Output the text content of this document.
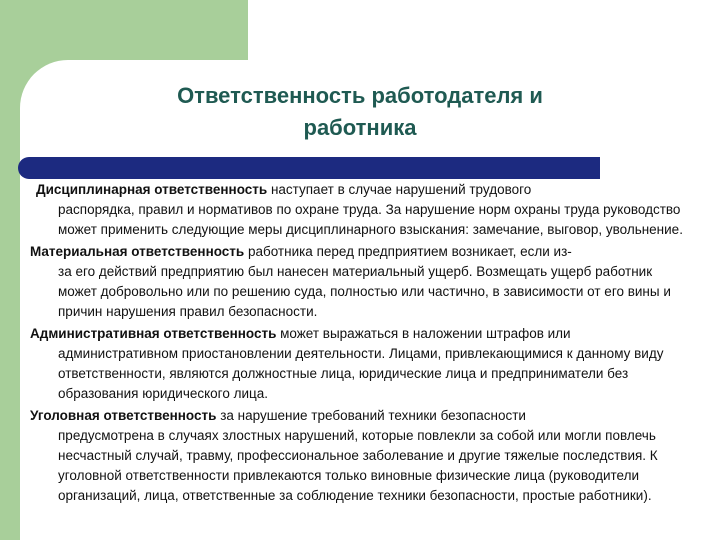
Ответственность работодателя и
работника
Дисциплинарная ответственность наступает в случае нарушений трудового
распорядка, правил и нормативов по охране труда. За нарушение норм охраны труда руководство может применить следующие меры дисциплинарного взыскания: замечание, выговор, увольнение.
Материальная ответственность работника перед предприятием возникает, если из-
за его действий предприятию был нанесен материальный ущерб. Возмещать ущерб работник может добровольно или по решению суда, полностью или частично, в зависимости от его вины и причин нарушения правил безопасности.
Административная ответственность может выражаться в наложении штрафов или
административном приостановлении деятельности. Лицами, привлекающимися к данному виду ответственности, являются должностные лица, юридические лица и предприниматели без образования юридического лица.
Уголовная ответственность за нарушение требований техники безопасности
предусмотрена в случаях злостных нарушений, которые повлекли за собой или могли повлечь несчастный случай, травму, профессиональное заболевание и другие тяжелые последствия. К уголовной ответственности привлекаются только виновные физические лица (руководители организаций, лица, ответственные за соблюдение техники безопасности, простые работники).
